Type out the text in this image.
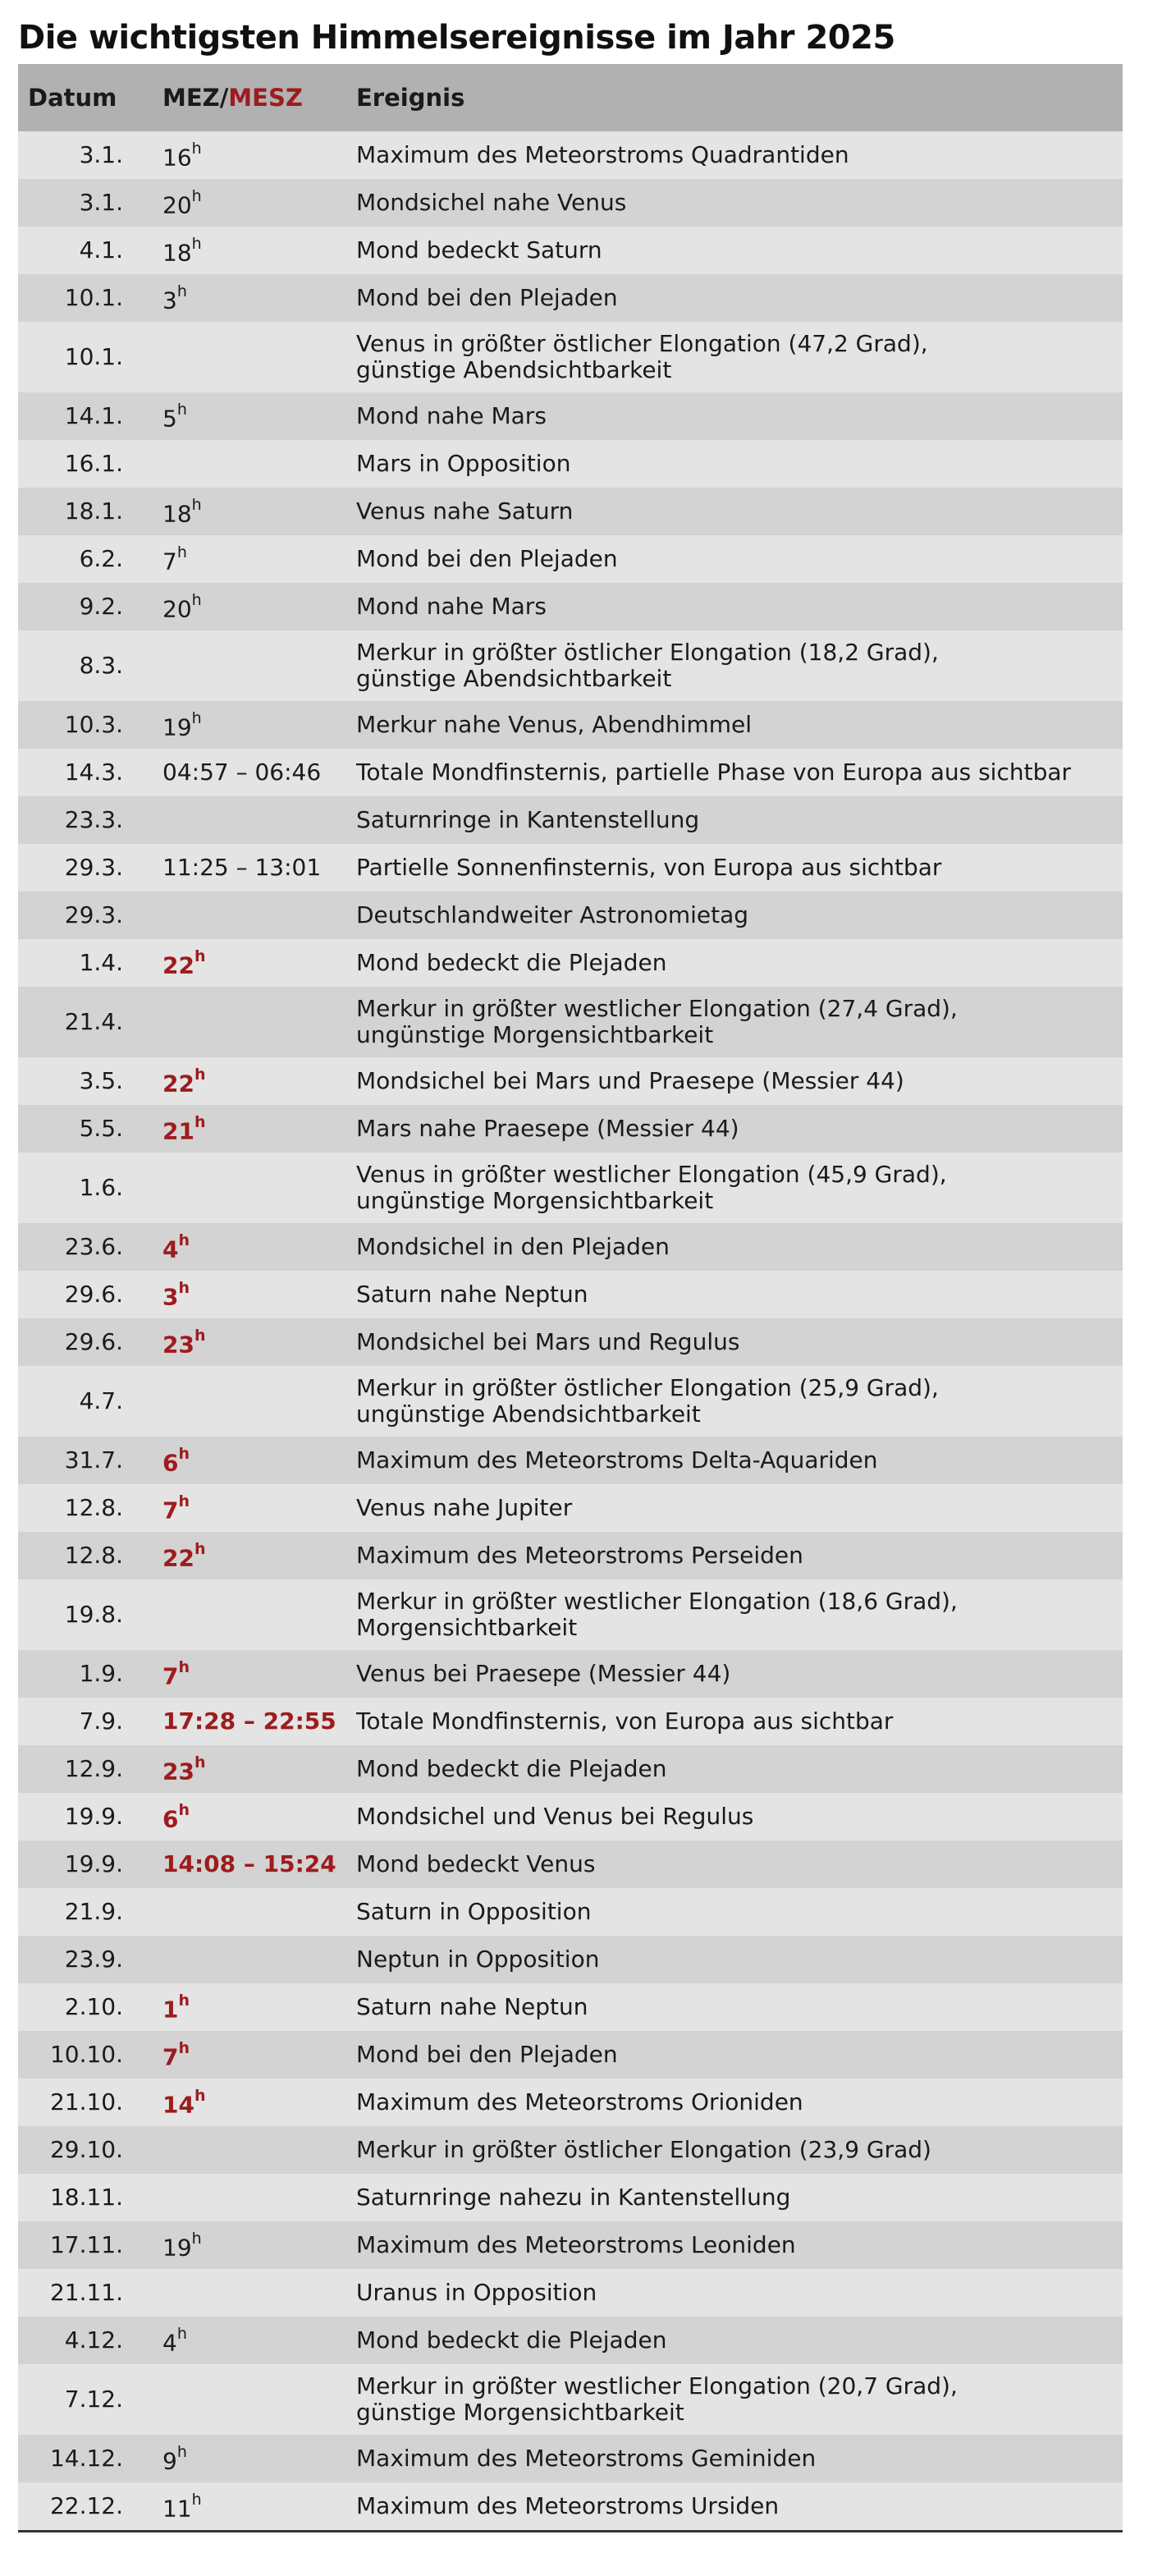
Die wichtigsten Himmelsereignisse im Jahr 2025
Datum	MEZ/MESZ	Ereignis
3.1. 16$^h$	Maximum des Meteorstroms Quadrantiden
3.1. 20$^h$	Mondsichel nahe Venus
4.1. 18$^h$	Mond bedeckt Saturn
10.1. 3$^h$	Mond bei den Plejaden
10.1.	Venus in größter östlicher Elongation (47,2 Grad),
günstige Abendsichtbarkeit
14.1. 5$^h$	Mond nahe Mars
16.1.	Mars in Opposition
18.1. 18$^h$	Venus nahe Saturn
6.2. 7$^h$	Mond bei den Plejaden
9.2. 20$^h$	Mond nahe Mars
8.3.	Merkur in größter östlicher Elongation (18,2 Grad),
günstige Abendsichtbarkeit
10.3. 19$^h$	Merkur nahe Venus, Abendhimmel
14.3. 04:57 – 06:46	Totale Mondfinsternis, partielle Phase von Europa aus sichtbar
23.3.	Saturnringe in Kantenstellung
29.3. 11:25 – 13:01	Partielle Sonnenfinsternis, von Europa aus sichtbar
29.3.	Deutschlandweiter Astronomietag
1.4. 22$^h$	Mond bedeckt die Plejaden
21.4.	Merkur in größter westlicher Elongation (27,4 Grad),
ungünstige Morgensichtbarkeit
3.5. 22$^h$	Mondsichel bei Mars und Praesepe (Messier 44)
5.5. 21$^h$	Mars nahe Praesepe (Messier 44)
1.6.	Venus in größter westlicher Elongation (45,9 Grad),
ungünstige Morgensichtbarkeit
23.6. 4$^h$	Mondsichel in den Plejaden
29.6. 3$^h$	Saturn nahe Neptun
29.6. 23$^h$	Mondsichel bei Mars und Regulus
4.7.	Merkur in größter östlicher Elongation (25,9 Grad),
ungünstige Abendsichtbarkeit
31.7. 6$^h$	Maximum des Meteorstroms Delta-Aquariden
12.8. 7$^h$	Venus nahe Jupiter
12.8. 22$^h$	Maximum des Meteorstroms Perseiden
19.8.	Merkur in größter westlicher Elongation (18,6 Grad),
Morgensichtbarkeit
1.9. 7$^h$	Venus bei Praesepe (Messier 44)
7.9. 17:28 – 22:55 Totale Mondfinsternis, von Europa aus sichtbar
12.9. 23$^h$	Mond bedeckt die Plejaden
19.9. 6$^h$	Mondsichel und Venus bei Regulus
19.9. 14:08 – 15:24 Mond bedeckt Venus
21.9.	Saturn in Opposition
23.9.	Neptun in Opposition
2.10. 1$^h$	Saturn nahe Neptun
10.10. 7$^h$	Mond bei den Plejaden
21.10. 14$^h$	Maximum des Meteorstroms Orioniden
29.10.	Merkur in größter östlicher Elongation (23,9 Grad)
18.11.	Saturnringe nahezu in Kantenstellung
17.11. 19$^h$	Maximum des Meteorstroms Leoniden
21.11.	Uranus in Opposition
4.12. 4$^h$	Mond bedeckt die Plejaden
7.12.	Merkur in größter westlicher Elongation (20,7 Grad),
günstige Morgensichtbarkeit
14.12. 9$^h$	Maximum des Meteorstroms Geminiden
22.12. 11$^h$	Maximum des Meteorstroms Ursiden
